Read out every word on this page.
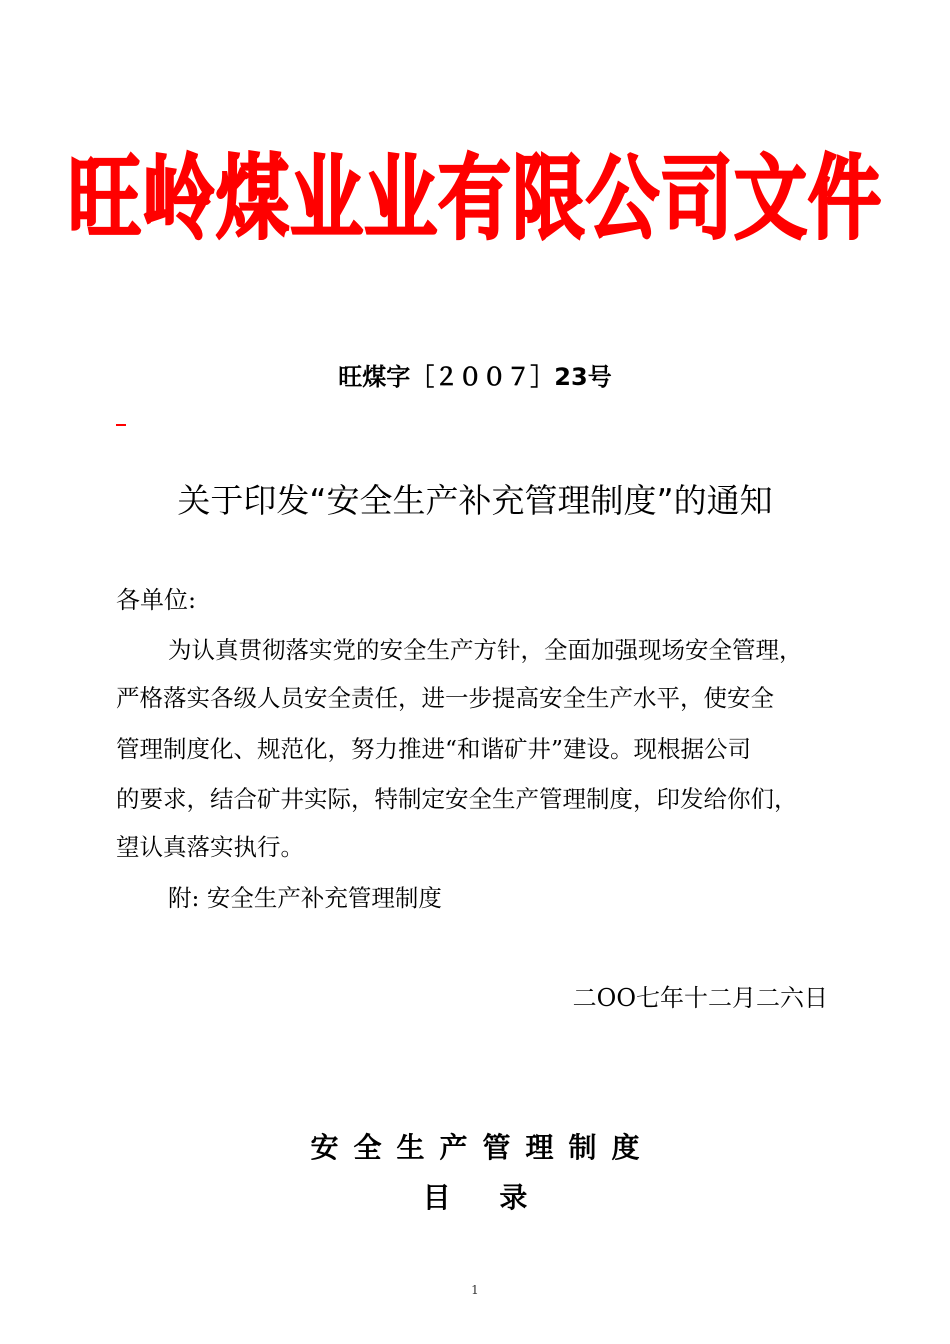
旺岭煤业业有限公司文件
旺煤字［２００７］23号
关于印发“安全生产补充管理制度”的通知
各单位:
为认真贯彻落实党的安全生产方针，全面加强现场安全管理，
严格落实各级人员安全责任，进一步提高安全生产水平，使安全
管理制度化、规范化，努力推进“和谐矿井”建设。现根据公司
的要求，结合矿井实际，特制定安全生产管理制度，印发给你们，
望认真落实执行。
附: 安全生产补充管理制度
二OO七年十二月二六日
安全生产管理制度
目     录
1
